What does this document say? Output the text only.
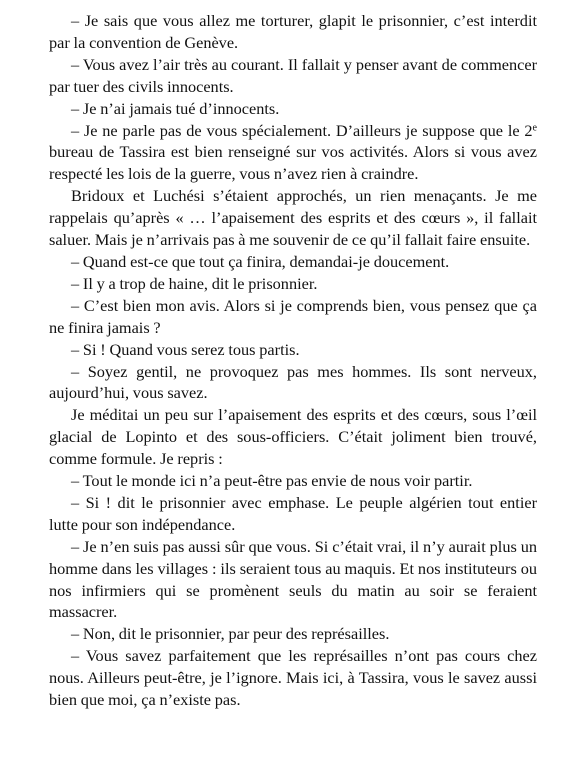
– Je sais que vous allez me torturer, glapit le prisonnier, c’est interdit par la convention de Genève.

– Vous avez l’air très au courant. Il fallait y penser avant de commencer par tuer des civils innocents.

– Je n’ai jamais tué d’innocents.

– Je ne parle pas de vous spécialement. D’ailleurs je suppose que le 2e bureau de Tassira est bien renseigné sur vos activités. Alors si vous avez respecté les lois de la guerre, vous n’avez rien à craindre.

Bridoux et Luchési s’étaient approchés, un rien menaçants. Je me rappelais qu’après « … l’apaisement des esprits et des cœurs », il fallait saluer. Mais je n’arrivais pas à me souvenir de ce qu’il fallait faire ensuite.

– Quand est-ce que tout ça finira, demandai-je doucement.

– Il y a trop de haine, dit le prisonnier.

– C’est bien mon avis. Alors si je comprends bien, vous pensez que ça ne finira jamais ?

– Si ! Quand vous serez tous partis.

– Soyez gentil, ne provoquez pas mes hommes. Ils sont nerveux, aujourd’hui, vous savez.

Je méditai un peu sur l’apaisement des esprits et des cœurs, sous l’œil glacial de Lopinto et des sous-officiers. C’était joliment bien trouvé, comme formule. Je repris :

– Tout le monde ici n’a peut-être pas envie de nous voir partir.

– Si ! dit le prisonnier avec emphase. Le peuple algérien tout entier lutte pour son indépendance.

– Je n’en suis pas aussi sûr que vous. Si c’était vrai, il n’y aurait plus un homme dans les villages : ils seraient tous au maquis. Et nos instituteurs ou nos infirmiers qui se promènent seuls du matin au soir se feraient massacrer.

– Non, dit le prisonnier, par peur des représailles.

– Vous savez parfaitement que les représailles n’ont pas cours chez nous. Ailleurs peut-être, je l’ignore. Mais ici, à Tassira, vous le savez aussi bien que moi, ça n’existe pas.
